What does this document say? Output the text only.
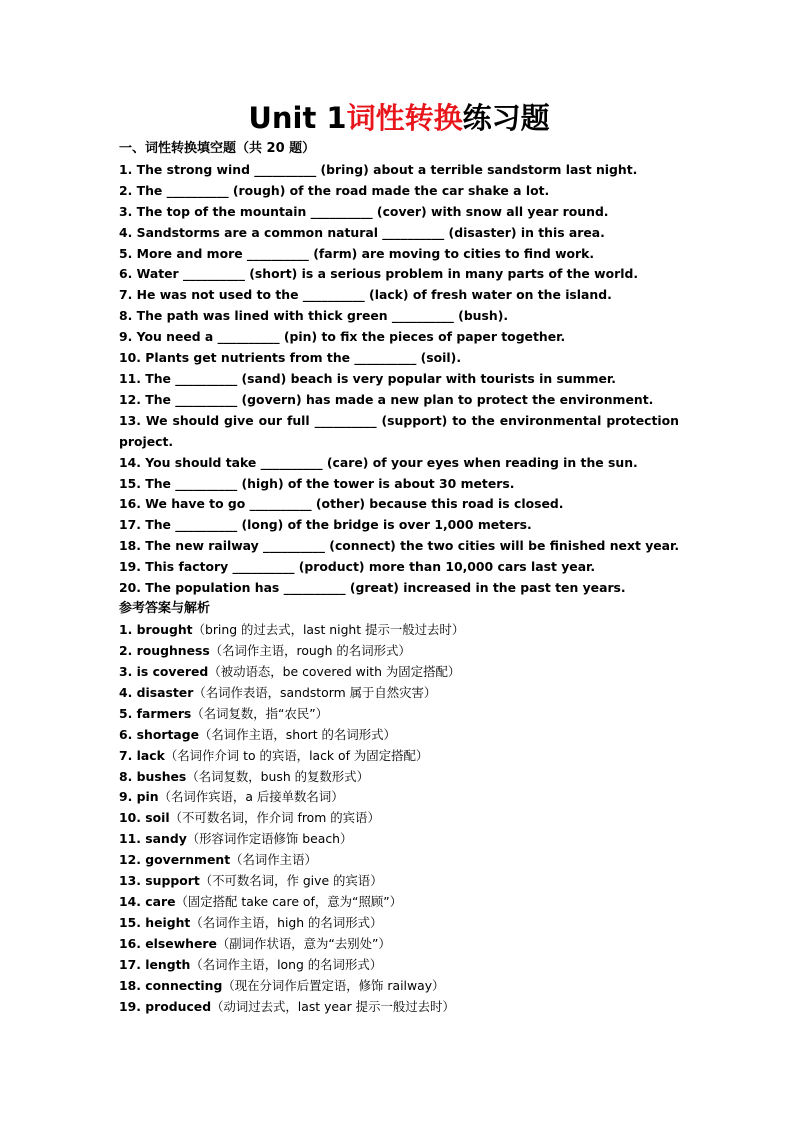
Unit 1词性转换练习题
一、词性转换填空题（共 20 题）
1. The strong wind __________ (bring) about a terrible sandstorm last night.
2. The __________ (rough) of the road made the car shake a lot.
3. The top of the mountain __________ (cover) with snow all year round.
4. Sandstorms are a common natural __________ (disaster) in this area.
5. More and more __________ (farm) are moving to cities to find work.
6. Water __________ (short) is a serious problem in many parts of the world.
7. He was not used to the __________ (lack) of fresh water on the island.
8. The path was lined with thick green __________ (bush).
9. You need a __________ (pin) to fix the pieces of paper together.
10. Plants get nutrients from the __________ (soil).
11. The __________ (sand) beach is very popular with tourists in summer.
12. The __________ (govern) has made a new plan to protect the environment.
13. We should give our full __________ (support) to the environmental protection
project.
14. You should take __________ (care) of your eyes when reading in the sun.
15. The __________ (high) of the tower is about 30 meters.
16. We have to go __________ (other) because this road is closed.
17. The __________ (long) of the bridge is over 1,000 meters.
18. The new railway __________ (connect) the two cities will be finished next year.
19. This factory __________ (product) more than 10,000 cars last year.
20. The population has __________ (great) increased in the past ten years.
参考答案与解析
1. brought（bring 的过去式，last night 提示一般过去时）
2. roughness（名词作主语，rough 的名词形式）
3. is covered（被动语态，be covered with 为固定搭配）
4. disaster（名词作表语，sandstorm 属于自然灾害）
5. farmers（名词复数，指“农民”）
6. shortage（名词作主语，short 的名词形式）
7. lack（名词作介词 to 的宾语，lack of 为固定搭配）
8. bushes（名词复数，bush 的复数形式）
9. pin（名词作宾语，a 后接单数名词）
10. soil（不可数名词，作介词 from 的宾语）
11. sandy（形容词作定语修饰 beach）
12. government（名词作主语）
13. support（不可数名词，作 give 的宾语）
14. care（固定搭配 take care of，意为“照顾”）
15. height（名词作主语，high 的名词形式）
16. elsewhere（副词作状语，意为“去别处”）
17. length（名词作主语，long 的名词形式）
18. connecting（现在分词作后置定语，修饰 railway）
19. produced（动词过去式，last year 提示一般过去时）
